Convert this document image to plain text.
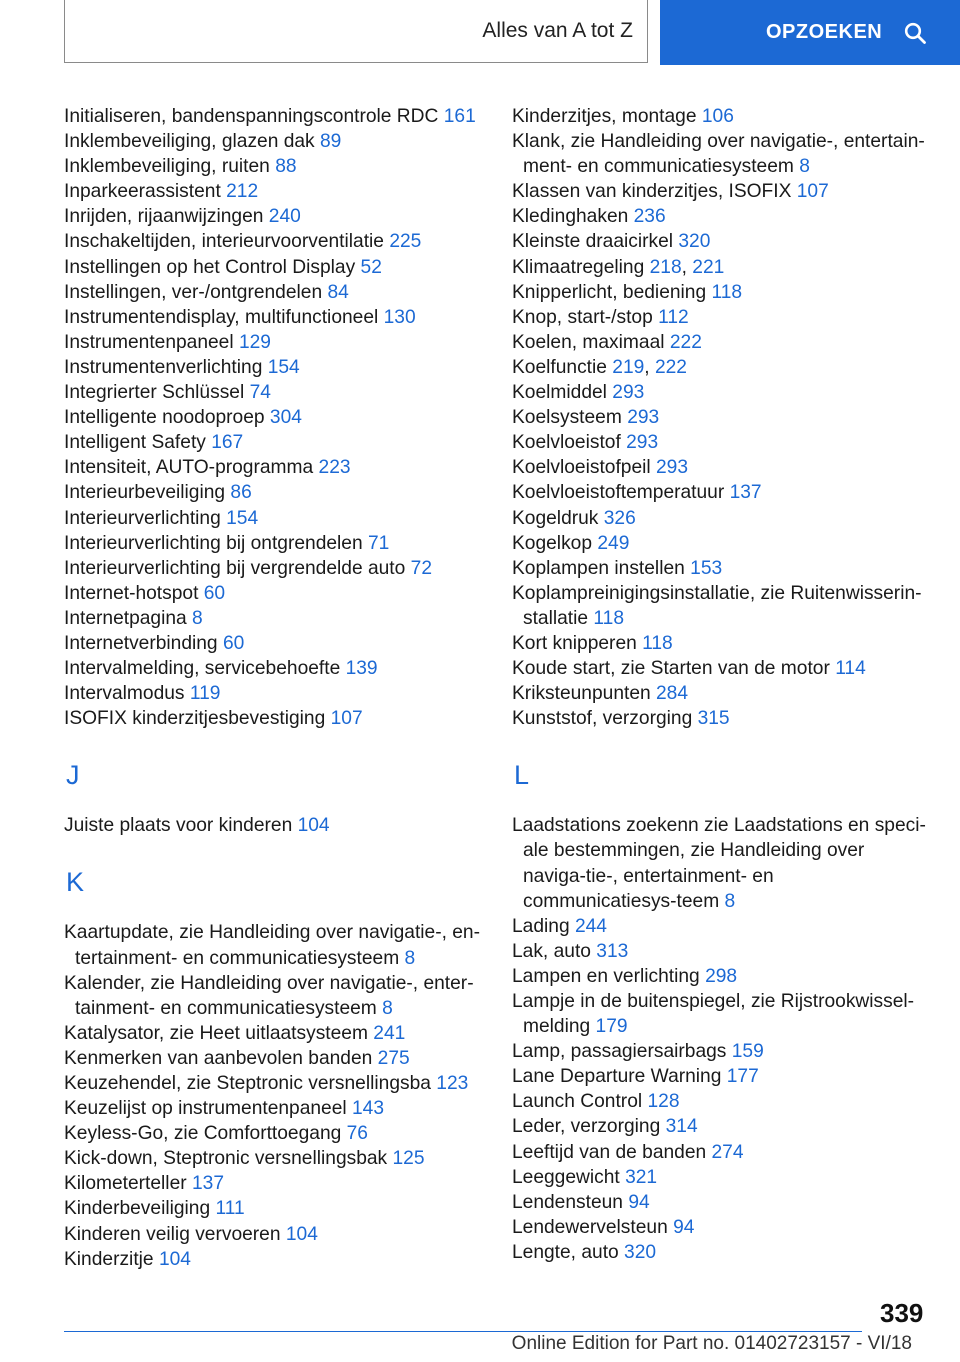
Alles van A tot Z	OPZOEKEN

Initialiseren, bandenspanningscontrole RDC 161

Inklembeveiliging, glazen dak 89

Inklembeveiliging, ruiten 88

Inparkeerassistent 212

Inrijden, rijaanwijzingen 240

Inschakeltijden, interieurvoorventilatie 225

Instellingen op het Control Display 52

Instellingen, ver-/ontgrendelen 84

Instrumentendisplay, multifunctioneel 130

Instrumentenpaneel 129

Instrumentenverlichting 154

Integrierter Schlüssel 74

Intelligente noodoproep 304

Intelligent Safety 167

Intensiteit, AUTO-programma 223

Interieurbeveiliging 86

Interieurverlichting 154

Interieurverlichting bij ontgrendelen 71

Interieurverlichting bij vergrendelde auto 72

Internet-hotspot 60

Internetpagina 8

Internetverbinding 60

Intervalmelding, servicebehoefte 139

Intervalmodus 119

ISOFIX kinderzitjesbevestiging 107

J

Juiste plaats voor kinderen 104

K

Kaartupdate, zie Handleiding over navigatie-, en-tertainment- en communicatiesysteem 8

Kalender, zie Handleiding over navigatie-, enter-tainment- en communicatiesysteem 8

Katalysator, zie Heet uitlaatsysteem 241

Kenmerken van aanbevolen banden 275

Keuzehendel, zie Steptronic versnellingsba 123

Keuzelijst op instrumentenpaneel 143

Keyless-Go, zie Comforttoegang 76

Kick-down, Steptronic versnellingsbak 125

Kilometerteller 137

Kinderbeveiliging 111

Kinderen veilig vervoeren 104

Kinderzitje 104

Kinderzitjes, montage 106

Klank, zie Handleiding over navigatie-, entertain-ment- en communicatiesysteem 8

Klassen van kinderzitjes, ISOFIX 107

Kledinghaken 236

Kleinste draaicirkel 320

Klimaatregeling 218, 221

Knipperlicht, bediening 118

Knop, start-/stop 112

Koelen, maximaal 222

Koelfunctie 219, 222

Koelmiddel 293

Koelsysteem 293

Koelvloeistof 293

Koelvloeistofpeil 293

Koelvloeistoftemperatuur 137

Kogeldruk 326

Kogelkop 249

Koplampen instellen 153

Koplampreinigingsinstallatie, zie Ruitenwisserin-stallatie 118

Kort knipperen 118

Koude start, zie Starten van de motor 114

Kriksteunpunten 284

Kunststof, verzorging 315

L

Laadstations zoekenn zie Laadstations en speci-ale bestemmingen, zie Handleiding over naviga-tie-, entertainment- en communicatiesys-teem 8

Lading 244

Lak, auto 313

Lampen en verlichting 298

Lampje in de buitenspiegel, zie Rijstrookwissel-melding 179

Lamp, passagiersairbags 159

Lane Departure Warning 177

Launch Control 128

Leder, verzorging 314

Leeftijd van de banden 274

Leeggewicht 321

Lendensteun 94

Lendewervelsteun 94

Lengte, auto 320

339
Online Edition for Part no. 01402723157 - VI/18
